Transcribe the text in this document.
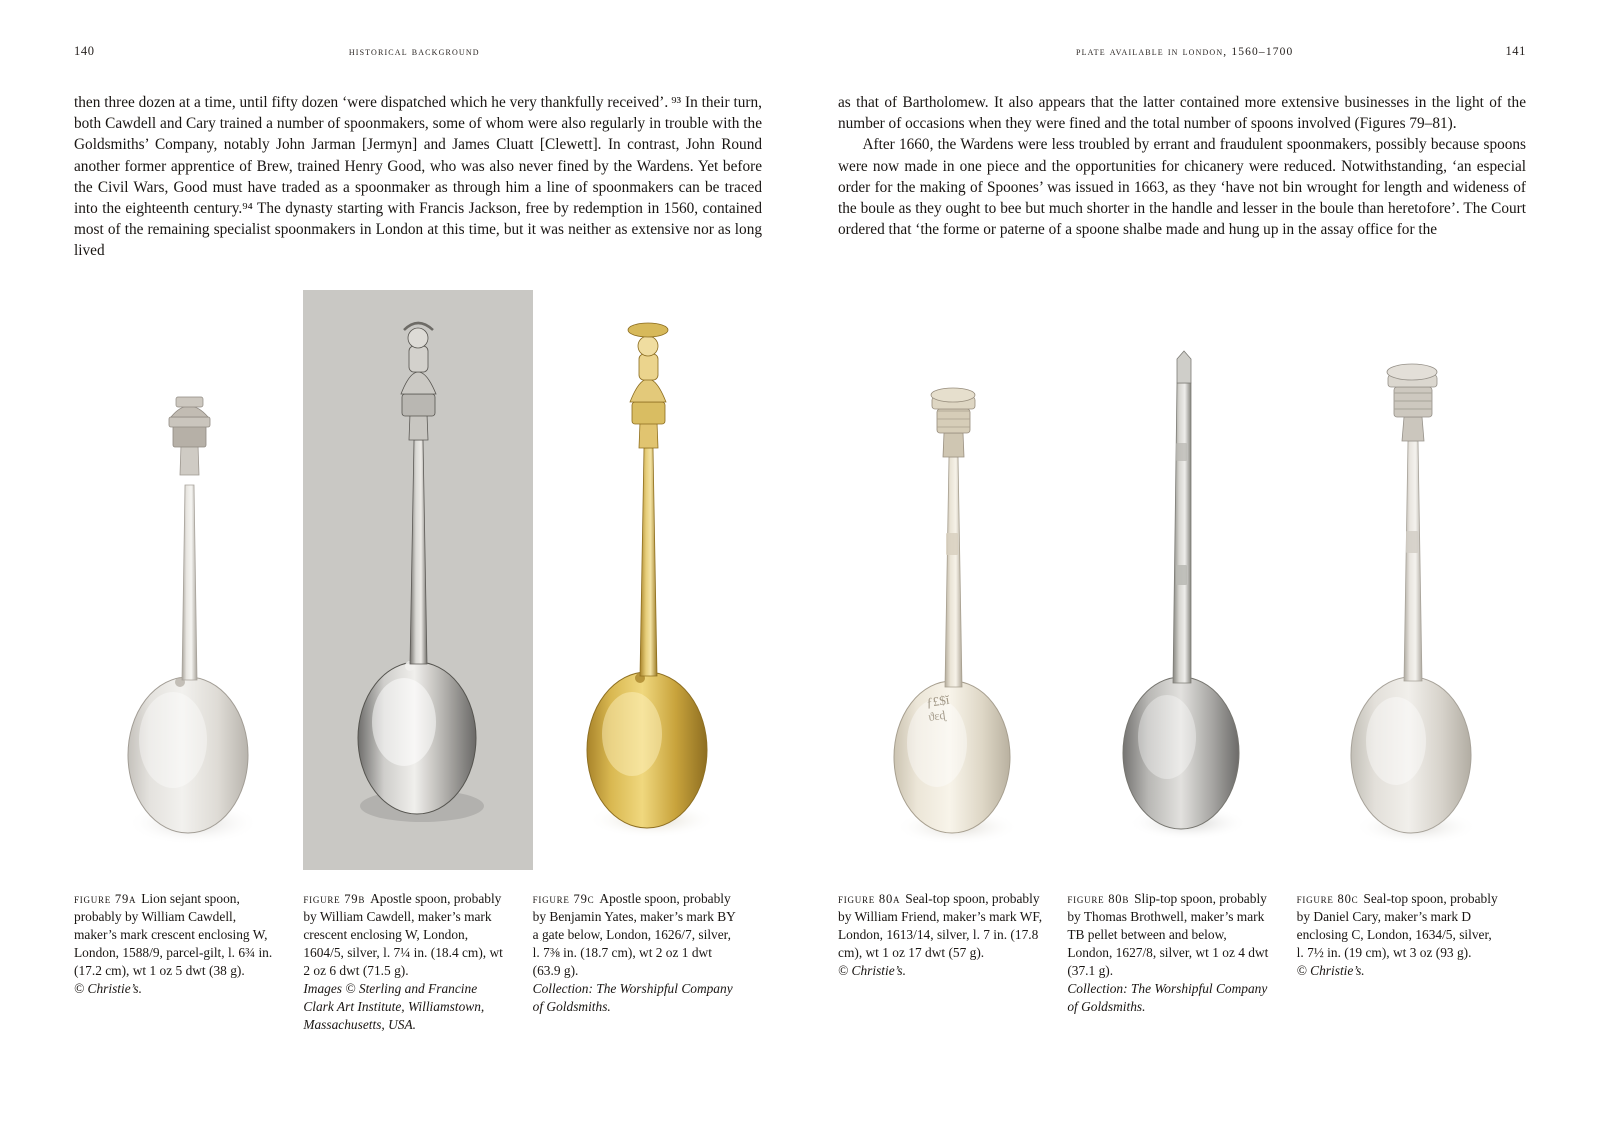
140	historical background

then three dozen at a time, until fifty dozen ‘were dispatched which he very thankfully received’. ⁹³ In their turn, both Cawdell and Cary trained a number of spoonmakers, some of whom were also regularly in trouble with the Goldsmiths’ Company, notably John Jarman [Jermyn] and James Cluatt [Clewett]. In contrast, John Round another former apprentice of Brew, trained Henry Good, who was also never fined by the Wardens. Yet before the Civil Wars, Good must have traded as a spoonmaker as through him a line of spoonmakers can be traced into the eighteenth century.⁹⁴ The dynasty starting with Francis Jackson, free by redemption in 1560, contained most of the remaining specialist spoonmakers in London at this time, but it was neither as extensive nor as long lived

figure 79a Lion sejant spoon, probably by William Cawdell, maker’s mark crescent enclosing W, London, 1588/9, parcel-gilt, l. 6¾ in. (17.2 cm), wt 1 oz 5 dwt (38 g).
© Christie’s.
figure 79b Apostle spoon, probably by William Cawdell, maker’s mark crescent enclosing W, London, 1604/5, silver, l. 7¼ in. (18.4 cm), wt 2 oz 6 dwt (71.5 g).
Images © Sterling and Francine Clark Art Institute, Williamstown, Massachusetts, USA.
figure 79c Apostle spoon, probably by Benjamin Yates, maker’s mark BY a gate below, London, 1626/7, silver, l. 7⅜ in. (18.7 cm), wt 2 oz 1 dwt (63.9 g).
Collection: The Worshipful Company of Goldsmiths.
plate available in london, 1560–1700	141

as that of Bartholomew. It also appears that the latter contained more extensive businesses in the light of the number of occasions when they were fined and the total number of spoons involved (Figures 79–81).

After 1660, the Wardens were less troubled by errant and fraudulent spoonmakers, possibly because spoons were now made in one piece and the opportunities for chicanery were reduced. Notwithstanding, ‘an especial order for the making of Spoones’ was issued in 1663, as they ‘have not bin wrought for length and wideness of the boule as they ought to bee but much shorter in the handle and lesser in the boule than heretofore’. The Court ordered that ‘the forme or paterne of a spoone shalbe made and hung up in the assay office for the

ƒ£$ĭ
ϑɛɖ
figure 80a Seal-top spoon, probably by William Friend, maker’s mark WF, London, 1613/14, silver, l. 7 in. (17.8 cm), wt 1 oz 17 dwt (57 g).
© Christie’s.
figure 80b Slip-top spoon, probably by Thomas Brothwell, maker’s mark TB pellet between and below, London, 1627/8, silver, wt 1 oz 4 dwt (37.1 g).
Collection: The Worshipful Company of Goldsmiths.
figure 80c Seal-top spoon, probably by Daniel Cary, maker’s mark D enclosing C, London, 1634/5, silver, l. 7½ in. (19 cm), wt 3 oz (93 g).
© Christie’s.
